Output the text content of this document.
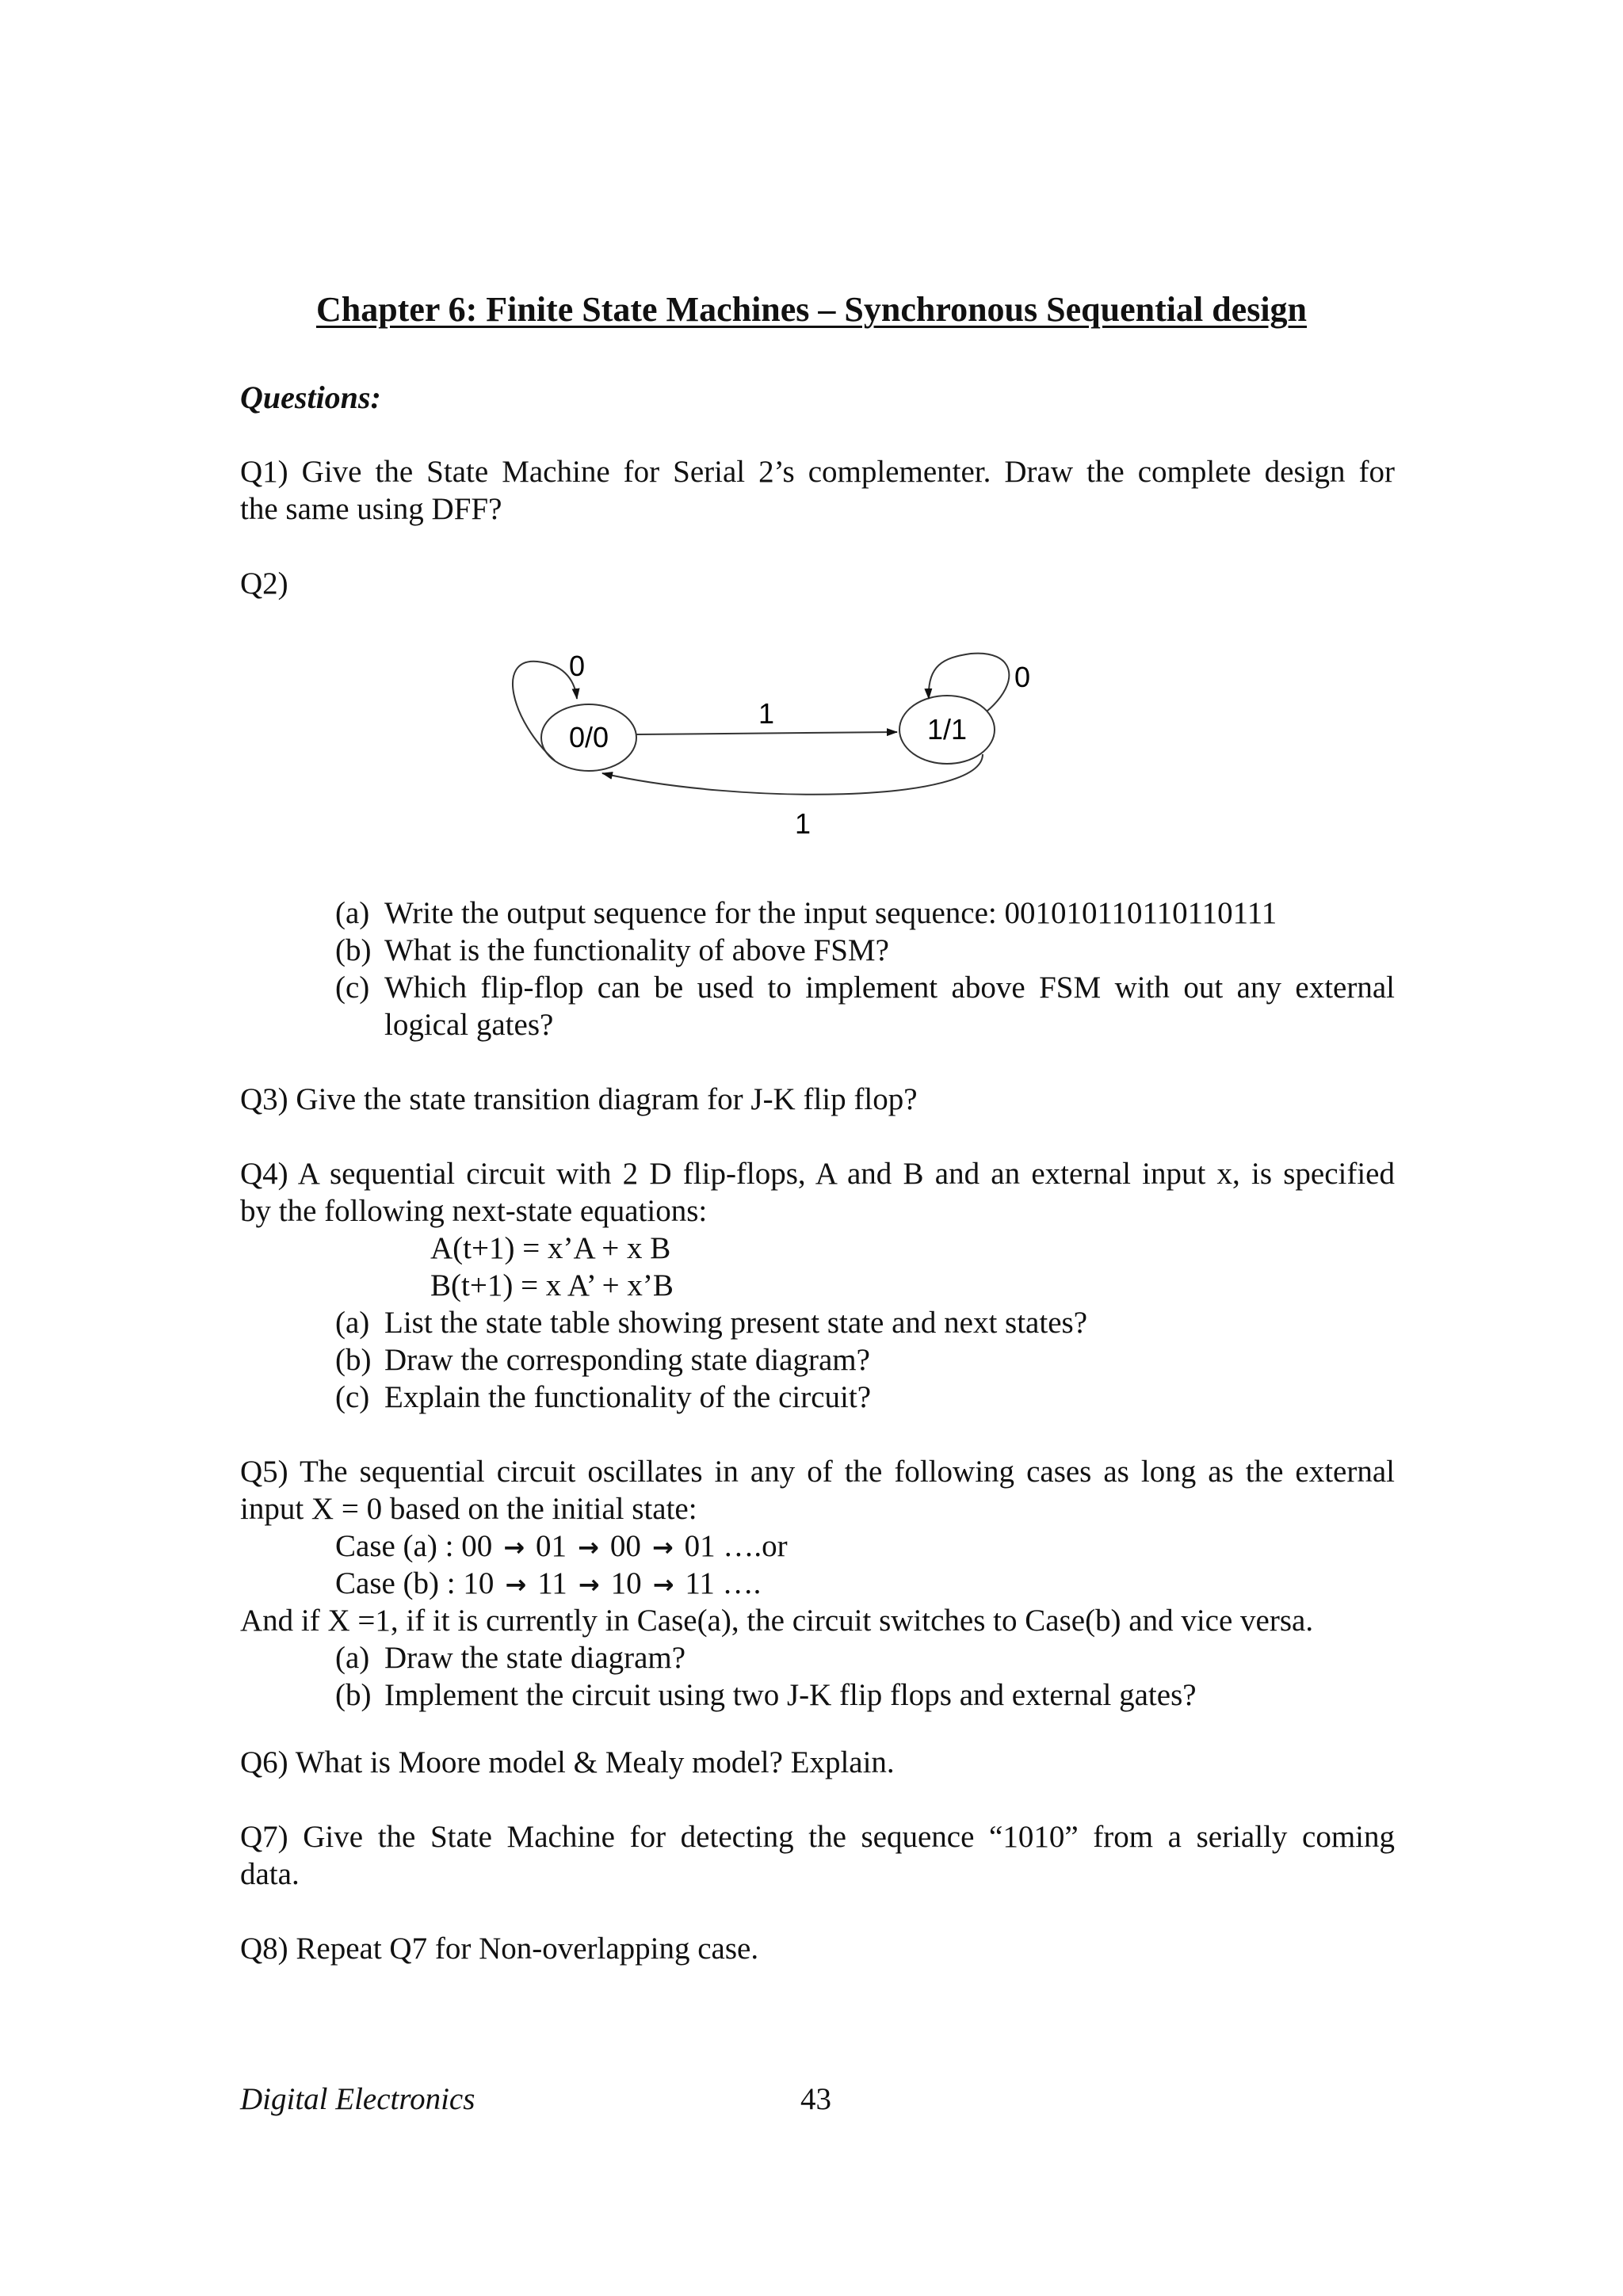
Chapter 6: Finite State Machines – Synchronous Sequential design
Questions:
Q1) Give the State Machine for Serial 2’s complementer. Draw the complete design for
the same using DFF?
Q2)
0/0	1/1
0	0
1
1
(a) Write the output sequence for the input sequence: 001010110110110111
(b) What is the functionality of above FSM?
(c) Which flip-flop can be used to implement above FSM with out any external
logical gates?
Q3) Give the state transition diagram for J-K flip flop?
Q4) A sequential circuit with 2 D flip-flops, A and B and an external input x, is specified
by the following next-state equations:
A(t+1) = x’A + x B
B(t+1) = x A’ + x’B
(a) List the state table showing present state and next states?
(b) Draw the corresponding state diagram?
(c) Explain the functionality of the circuit?
Q5) The sequential circuit oscillates in any of the following cases as long as the external
input X = 0 based on the initial state:
Case (a) : 00 → 01 → 00 → 01 ….or
Case (b) : 10 → 11 → 10 → 11 ….
And if X =1, if it is currently in Case(a), the circuit switches to Case(b) and vice versa.
(a) Draw the state diagram?
(b) Implement the circuit using two J-K flip flops and external gates?
Q6) What is Moore model & Mealy model? Explain.
Q7) Give the State Machine for detecting the sequence “1010” from a serially coming
data.
Q8) Repeat Q7 for Non-overlapping case.
Digital Electronics	43
